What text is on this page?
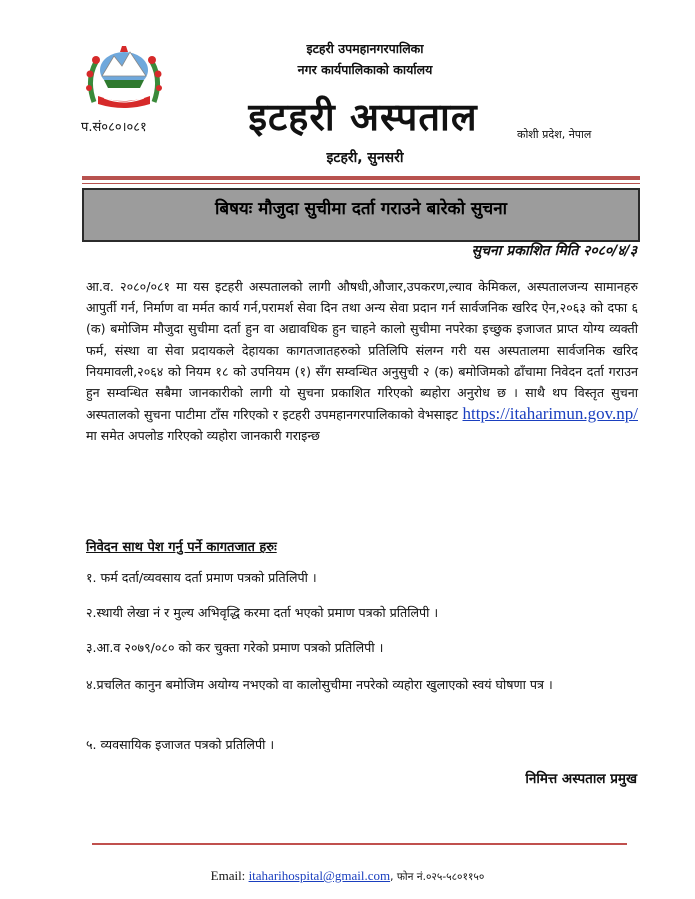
इटहरी उपमहानगरपालिका
नगर कार्यपालिकाको कार्यालय
प.सं०८०।०८१	इटहरी अस्पताल	कोशी प्रदेश, नेपाल
इटहरी, सुनसरी
बिषयः मौजुदा सुचीमा दर्ता गराउने बारेको सुचना
सुचना प्रकाशित मिति २०८०/४/३
आ.व. २०८०/०८१ मा यस इटहरी अस्पतालको लागी औषधी,औजार,उपकरण,ल्याव केमिकल, अस्पतालजन्य सामानहरु आपुर्ती गर्न, निर्माण वा मर्मत कार्य गर्न,परामर्श सेवा दिन तथा अन्य सेवा प्रदान गर्न सार्वजनिक खरिद ऐन,२०६३ को दफा ६ (क) बमोजिम मौजुदा सुचीमा दर्ता हुन वा अद्यावधिक हुन चाहने कालो सुचीमा नपरेका इच्छुक इजाजत प्राप्त योग्य व्यक्ती फर्म, संस्था वा सेवा प्रदायकले देहायका कागतजातहरुको प्रतिलिपि संलग्न गरी यस अस्पतालमा सार्वजनिक खरिद नियमावली,२०६४ को नियम १८ को उपनियम (१) सँग सम्वन्धित अनुसुची २ (क) बमोजिमको ढाँचामा निवेदन दर्ता गराउन हुन सम्वन्धित सबैमा जानकारीको लागी यो सुचना प्रकाशित गरिएको ब्यहोरा अनुरोध छ । साथै थप विस्तृत सुचना अस्पतालको सुचना पाटीमा टाँस गरिएको र इटहरी उपमहानगरपालिकाको वेभसाइट https://itaharimun.gov.np/ मा समेत अपलोड गरिएको व्यहोरा जानकारी गराइन्छ
निवेदन साथ पेश गर्नु पर्ने कागतजात हरुः
१. फर्म दर्ता/व्यवसाय दर्ता प्रमाण पत्रको प्रतिलिपी ।
२.स्थायी लेखा नं र मुल्य अभिवृद्धि करमा दर्ता भएको प्रमाण पत्रको प्रतिलिपी ।
३.आ.व २०७९/०८० को कर चुक्ता गरेको प्रमाण पत्रको प्रतिलिपी ।
४.प्रचलित कानुन बमोजिम अयोग्य नभएको वा कालोसुचीमा नपरेको व्यहोरा खुलाएको स्वयं घोषणा पत्र ।
५. व्यवसायिक इजाजत पत्रको प्रतिलिपी ।
निमित्त अस्पताल प्रमुख
Email: itaharihospital@gmail.com, फोन नं.०२५-५८०११५०
